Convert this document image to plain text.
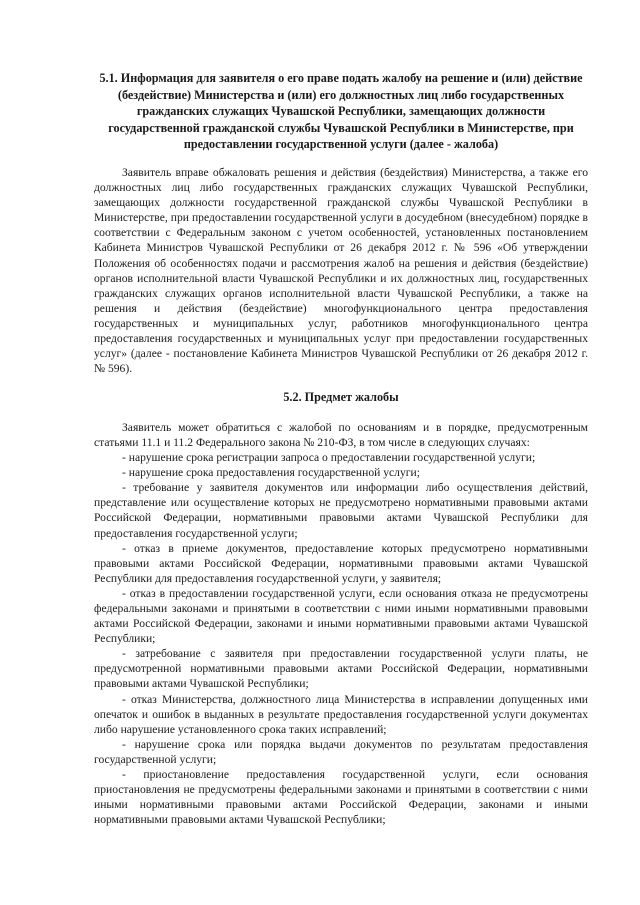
5.1. Информация для заявителя о его праве подать жалобу на решение и (или) действие (бездействие) Министерства и (или) его должностных лиц либо государственных гражданских служащих Чувашской Республики, замещающих должности государственной гражданской службы Чувашской Республики в Министерстве, при предоставлении государственной услуги (далее - жалоба)

Заявитель вправе обжаловать решения и действия (бездействия) Министерства, а также его должностных лиц либо государственных гражданских служащих Чувашской Республики, замещающих должности государственной гражданской службы Чувашской Республики в Министерстве, при предоставлении государственной услуги в досудебном (внесудебном) порядке в соответствии с Федеральным законом с учетом особенностей, установленных постановлением Кабинета Министров Чувашской Республики от 26 декабря 2012 г. № 596 «Об утверждении Положения об особенностях подачи и рассмотрения жалоб на решения и действия (бездействие) органов исполнительной власти Чувашской Республики и их должностных лиц, государственных гражданских служащих органов исполнительной власти Чувашской Республики, а также на решения и действия (бездействие) многофункционального центра предоставления государственных и муниципальных услуг, работников многофункционального центра предоставления государственных и муниципальных услуг при предоставлении государственных услуг» (далее - постановление Кабинета Министров Чувашской Республики от 26 декабря 2012 г. № 596).

5.2. Предмет жалобы

Заявитель может обратиться с жалобой по основаниям и в порядке, предусмотренным статьями 11.1 и 11.2 Федерального закона № 210-ФЗ, в том числе в следующих случаях:

- нарушение срока регистрации запроса о предоставлении государственной услуги;

- нарушение срока предоставления государственной услуги;

- требование у заявителя документов или информации либо осуществления действий, представление или осуществление которых не предусмотрено нормативными правовыми актами Российской Федерации, нормативными правовыми актами Чувашской Республики для предоставления государственной услуги;

- отказ в приеме документов, предоставление которых предусмотрено нормативными правовыми актами Российской Федерации, нормативными правовыми актами Чувашской Республики для предоставления государственной услуги, у заявителя;

- отказ в предоставлении государственной услуги, если основания отказа не предусмотрены федеральными законами и принятыми в соответствии с ними иными нормативными правовыми актами Российской Федерации, законами и иными нормативными правовыми актами Чувашской Республики;

- затребование с заявителя при предоставлении государственной услуги платы, не предусмотренной нормативными правовыми актами Российской Федерации, нормативными правовыми актами Чувашской Республики;

- отказ Министерства, должностного лица Министерства в исправлении допущенных ими опечаток и ошибок в выданных в результате предоставления государственной услуги документах либо нарушение установленного срока таких исправлений;

- нарушение срока или порядка выдачи документов по результатам предоставления государственной услуги;

- приостановление предоставления государственной услуги, если основания приостановления не предусмотрены федеральными законами и принятыми в соответствии с ними иными нормативными правовыми актами Российской Федерации, законами и иными нормативными правовыми актами Чувашской Республики;
